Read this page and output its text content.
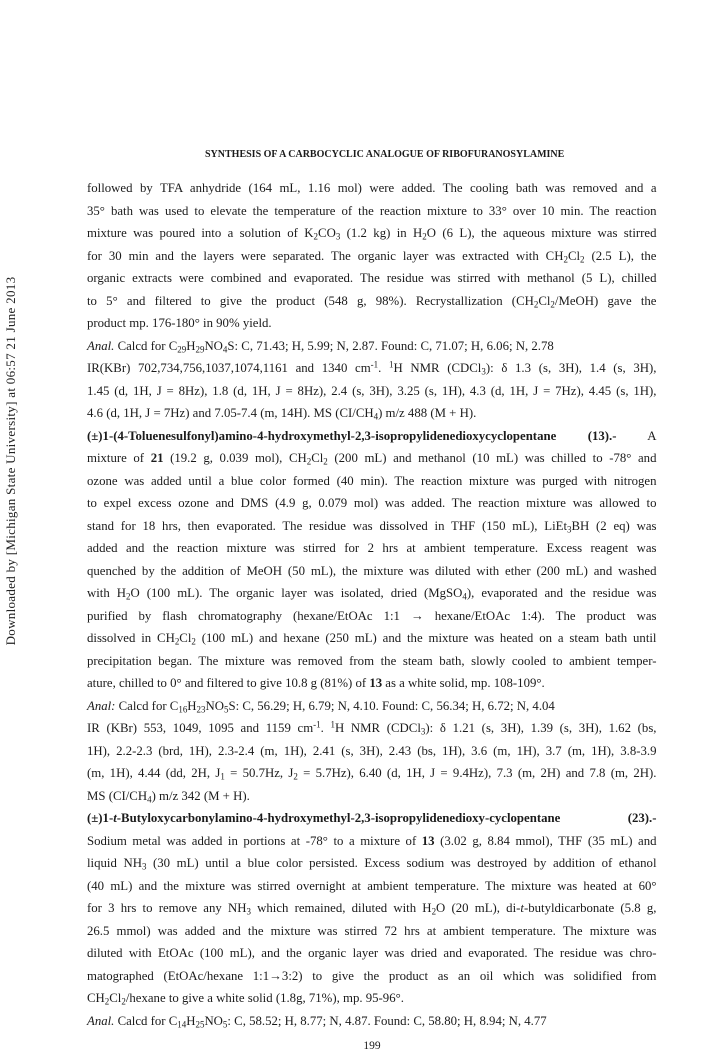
SYNTHESIS OF A CARBOCYCLIC ANALOGUE OF RIBOFURANOSYLAMINE
Downloaded by [Michigan State University] at 06:57 21 June 2013
followed by TFA anhydride (164 mL, 1.16 mol) were added. The cooling bath was removed and a
35° bath was used to elevate the temperature of the reaction mixture to 33° over 10 min. The reaction
mixture was poured into a solution of $K_2CO_3$ (1.2 kg) in $H_2O$ (6 L), the aqueous mixture was stirred
for 30 min and the layers were separated. The organic layer was extracted with $CH_2Cl_2$ (2.5 L), the
organic extracts were combined and evaporated. The residue was stirred with methanol (5 L), chilled
to 5° and filtered to give the product (548 g, 98%). Recrystallization $(CH_2Cl_2/MeOH)$ gave the
product mp. 176-180° in 90% yield.
Anal. Calcd for $C_{29}H_{29}NO_4S$: C, 71.43; H, 5.99; N, 2.87. Found: C, 71.07; H, 6.06; N, 2.78
IR(KBr) 702,734,756,1037,1074,1161 and 1340 $cm^{-1}$. $^1$H NMR (CDCl$_3$): δ 1.3 (s, 3H), 1.4 (s, 3H),
1.45 (d, 1H, J = 8Hz), 1.8 (d, 1H, J = 8Hz), 2.4 (s, 3H), 3.25 (s, 1H), 4.3 (d, 1H, J = 7Hz), 4.45 (s, 1H),
4.6 (d, 1H, J = 7Hz) and 7.05-7.4 (m, 14H). MS $(CI/CH_4)$ m/z 488 (M + H).
(±)1-(4-Toluenesulfonyl)amino-4-hydroxymethyl-2,3-isopropylidenedioxycyclopentane (13).- A
mixture of 21 (19.2 g, 0.039 mol), $CH_2Cl_2$ (200 mL) and methanol (10 mL) was chilled to -78° and
ozone was added until a blue color formed (40 min). The reaction mixture was purged with nitrogen
to expel excess ozone and DMS (4.9 g, 0.079 mol) was added. The reaction mixture was allowed to
stand for 18 hrs, then evaporated. The residue was dissolved in THF (150 mL), LiEt$_3$BH (2 eq) was
added and the reaction mixture was stirred for 2 hrs at ambient temperature. Excess reagent was
quenched by the addition of MeOH (50 mL), the mixture was diluted with ether (200 mL) and washed
with $H_2O$ (100 mL). The organic layer was isolated, dried (MgSO$_4$), evaporated and the residue was
purified by flash chromatography (hexane/EtOAc 1:1 → hexane/EtOAc 1:4). The product was
dissolved in $CH_2Cl_2$ (100 mL) and hexane (250 mL) and the mixture was heated on a steam bath until
precipitation began. The mixture was removed from the steam bath, slowly cooled to ambient temper-
ature, chilled to 0° and filtered to give 10.8 g (81%) of 13 as a white solid, mp. 108-109°.
Anal: Calcd for $C_{16}H_{23}NO_5S$: C, 56.29; H, 6.79; N, 4.10. Found: C, 56.34; H, 6.72; N, 4.04
IR (KBr) 553, 1049, 1095 and 1159 $cm^{-1}$. $^1$H NMR (CDCl$_3$): δ 1.21 (s, 3H), 1.39 (s, 3H), 1.62 (bs,
1H), 2.2-2.3 (brd, 1H), 2.3-2.4 (m, 1H), 2.41 (s, 3H), 2.43 (bs, 1H), 3.6 (m, 1H), 3.7 (m, 1H), 3.8-3.9
(m, 1H), 4.44 (dd, 2H, $J_1 = 50.7Hz$, $J_2 = 5.7Hz$), 6.40 (d, 1H, J = 9.4Hz), 7.3 (m, 2H) and 7.8 (m, 2H).
MS $(CI/CH_4)$ m/z 342 (M + H).
(±)1-t-Butyloxycarbonylamino-4-hydroxymethyl-2,3-isopropylidenedioxy-cyclopentane (23).-
Sodium metal was added in portions at -78° to a mixture of 13 (3.02 g, 8.84 mmol), THF (35 mL) and
liquid $NH_3$ (30 mL) until a blue color persisted. Excess sodium was destroyed by addition of ethanol
(40 mL) and the mixture was stirred overnight at ambient temperature. The mixture was heated at 60°
for 3 hrs to remove any $NH_3$ which remained, diluted with $H_2O$ (20 mL), di-t-butyldicarbonate (5.8 g,
26.5 mmol) was added and the mixture was stirred 72 hrs at ambient temperature. The mixture was
diluted with EtOAc (100 mL), and the organic layer was dried and evaporated. The residue was chro-
matographed (EtOAc/hexane 1:1→3:2) to give the product as an oil which was solidified from
$CH_2Cl_2$/hexane to give a white solid (1.8g, 71%), mp. 95-96°.
Anal. Calcd for $C_{14}H_{25}NO_5$: C, 58.52; H, 8.77; N, 4.87. Found: C, 58.80; H, 8.94; N, 4.77
199
